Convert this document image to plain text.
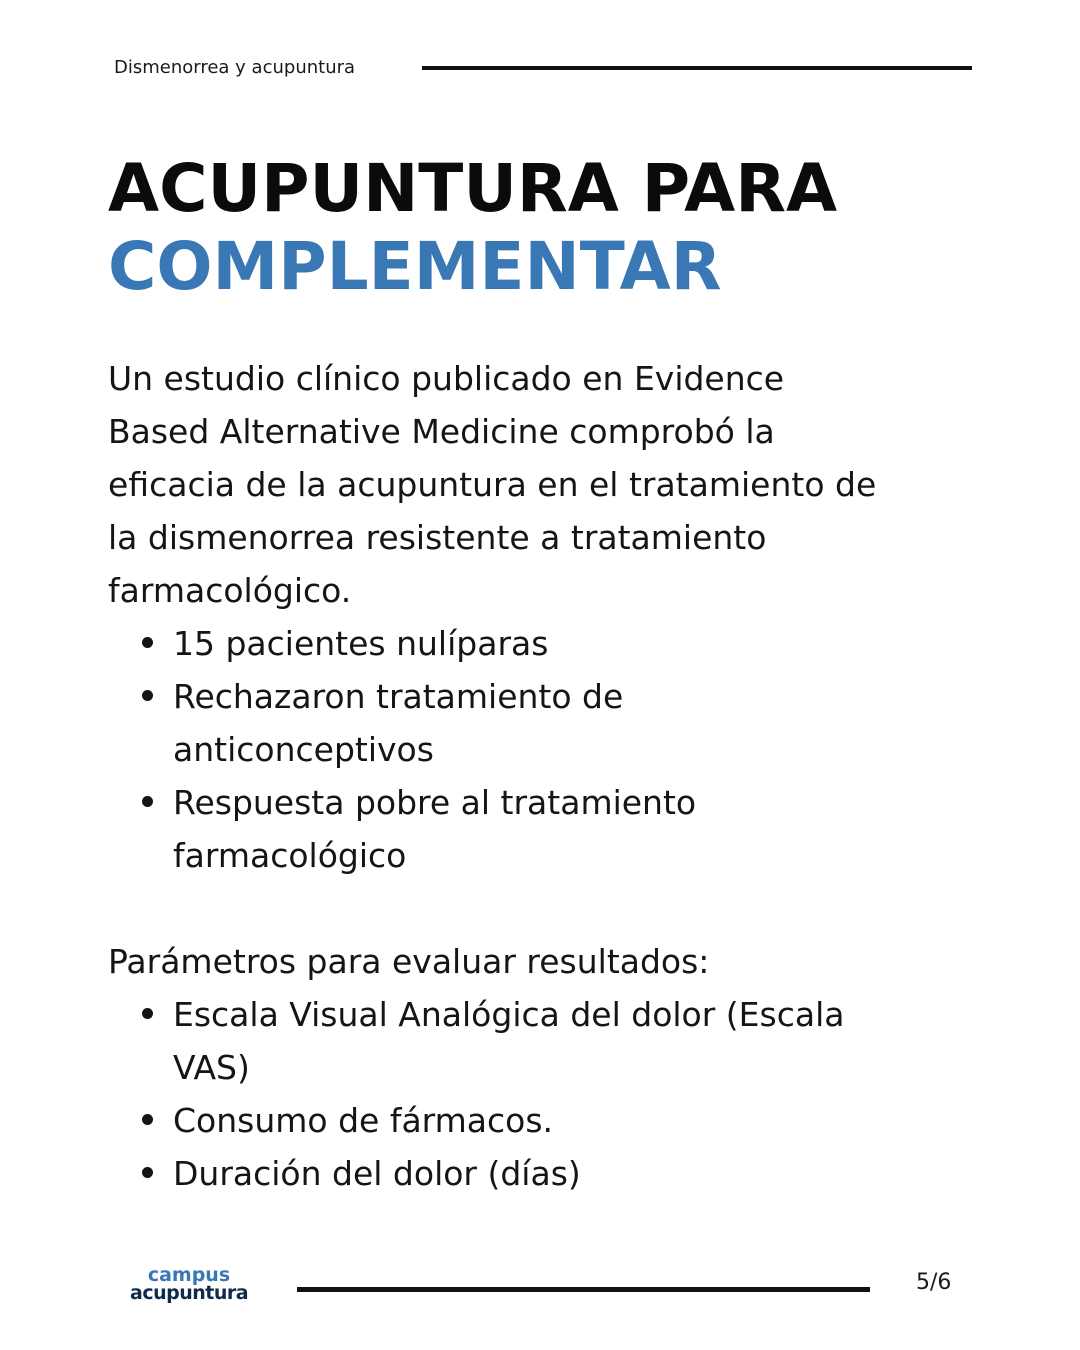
Dismenorrea y acupuntura
ACUPUNTURA PARA
COMPLEMENTAR

Un estudio clínico publicado en Evidence
Based Alternative Medicine comprobó la
eficacia de la acupuntura en el tratamiento de
la dismenorrea resistente a tratamiento
farmacológico.

15 pacientes nulíparas
Rechazaron tratamiento de anticonceptivos
Respuesta pobre al tratamiento farmacológico

Parámetros para evaluar resultados:

Escala Visual Analógica del dolor (Escala VAS)
Consumo de fármacos.
Duración del dolor (días)
campus
acupuntura	5/6
